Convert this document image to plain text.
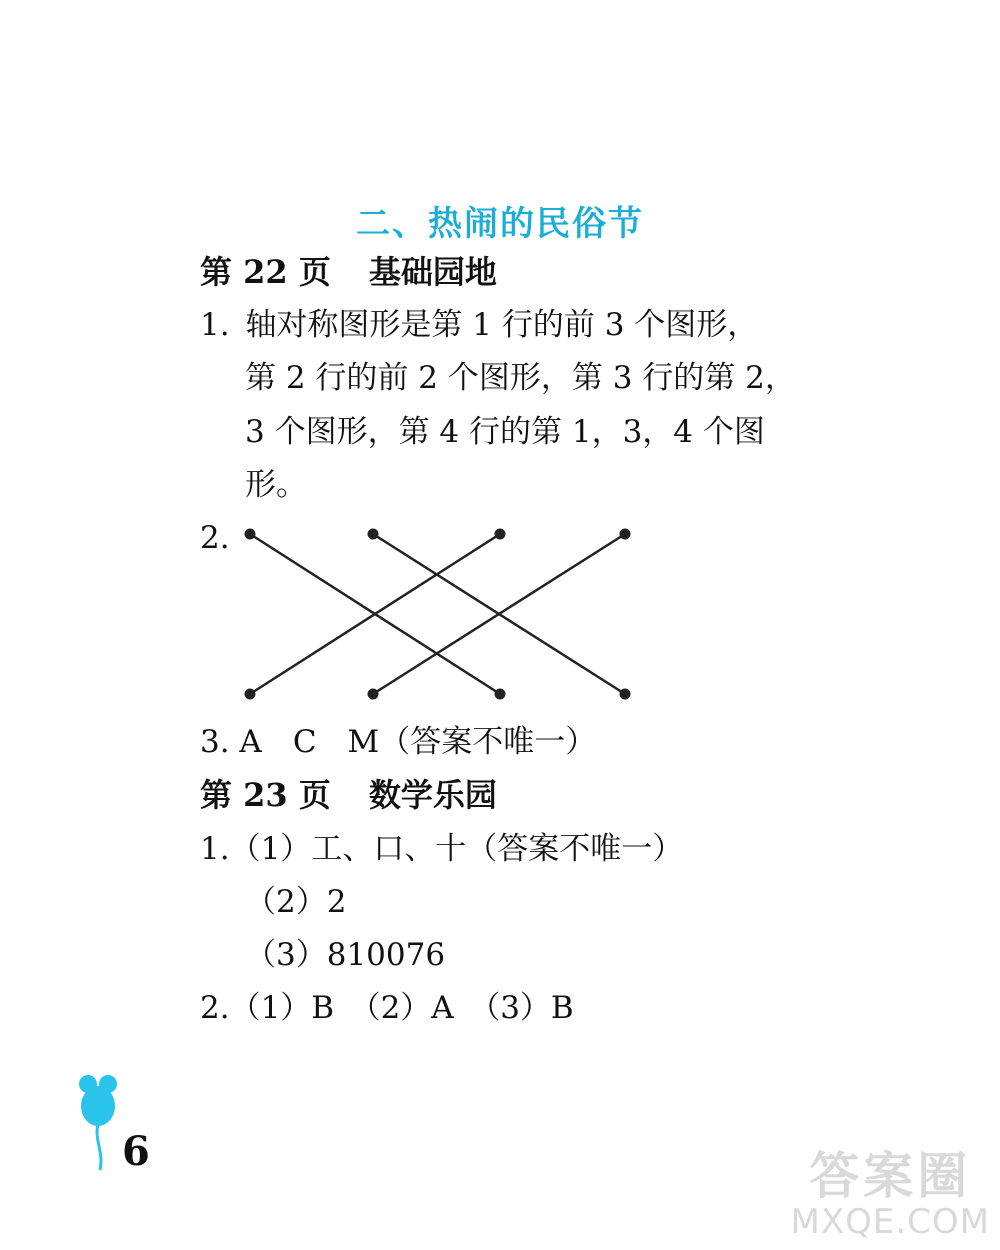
二、热闹的民俗节
第 22 页 基础园地
1. 轴对称图形是第 1 行的前 3 个图形，
第 2 行的前 2 个图形，第 3 行的第 2，
3 个图形，第 4 行的第 1，3，4 个图
形。
2.
3. A　C　M（答案不唯一）
第 23 页 数学乐园
1.（1）工、口、十（答案不唯一）
（2）2
（3）810076
2.（1）B　（2）A　（3）B
6	答案圈
MXQE.COM
